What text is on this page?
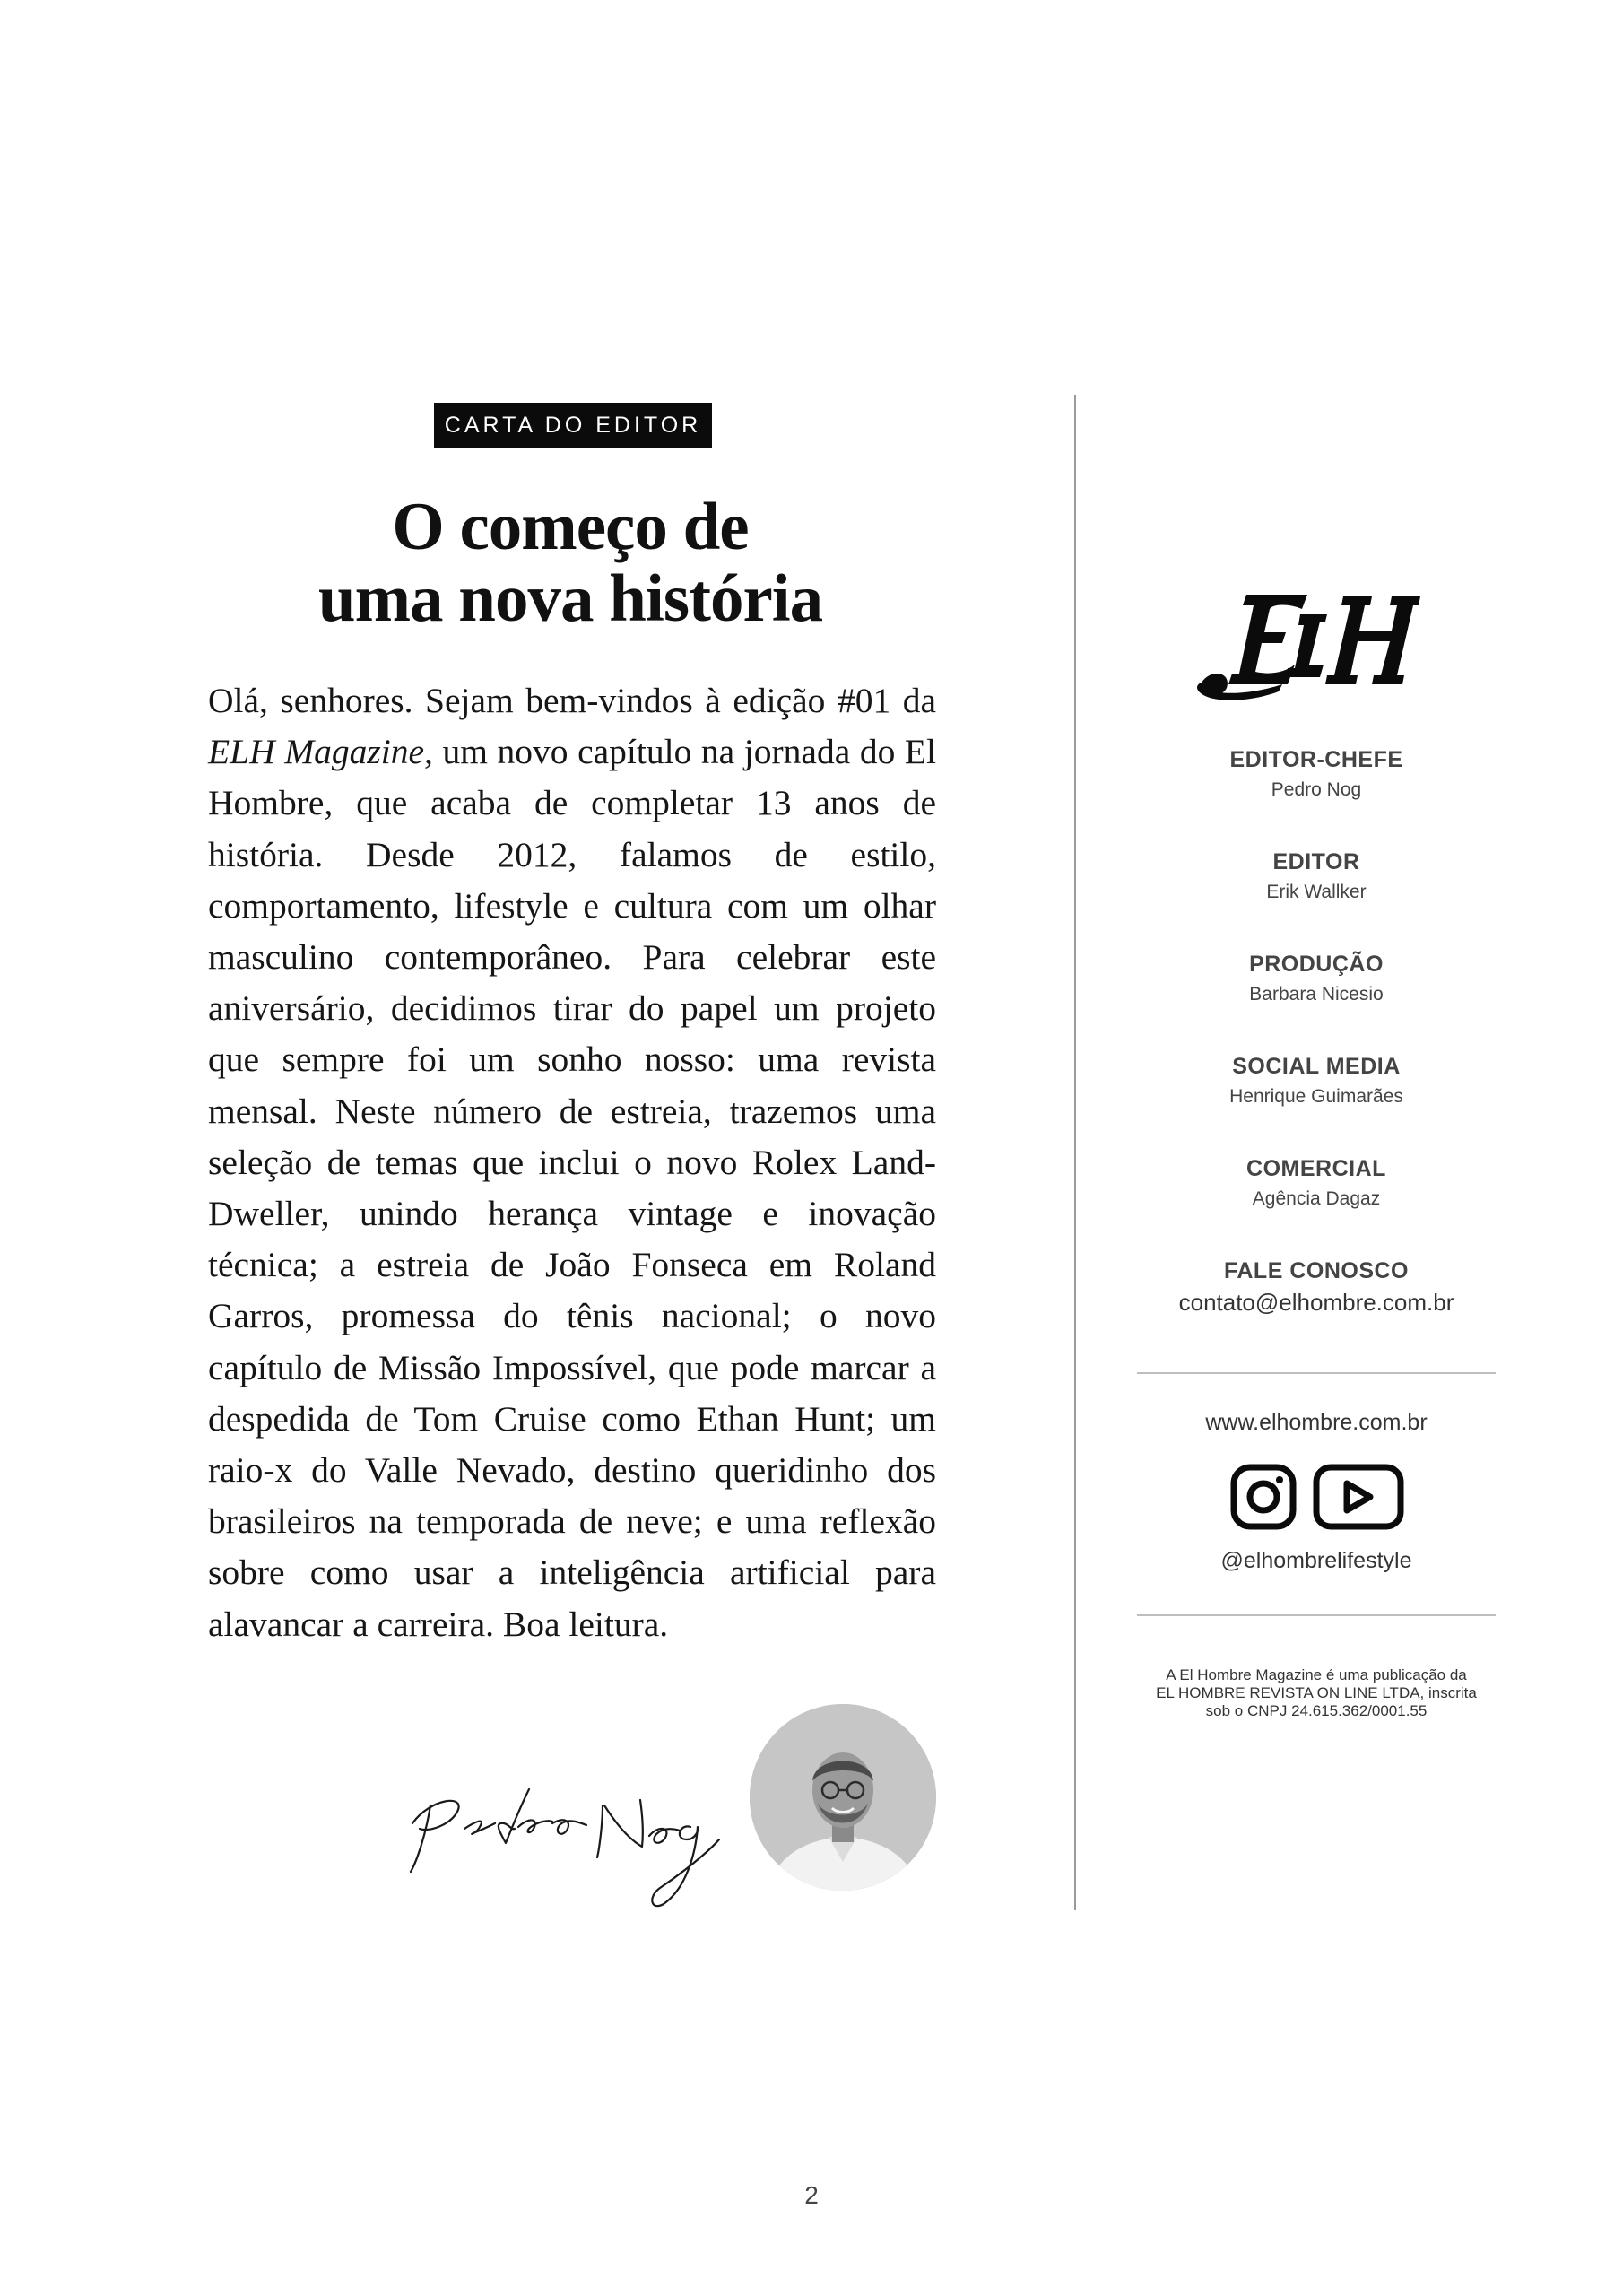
CARTA DO EDITOR
O começo de
uma nova história

Olá, senhores. Sejam bem-vindos à edição #01 da ELH Magazine, um novo capítulo na jornada do El Hombre, que acaba de completar 13 anos de história. Desde 2012, falamos de estilo, comportamento, lifestyle e cultura com um olhar masculino contemporâneo. Para celebrar este aniversário, decidimos tirar do papel um projeto que sempre foi um sonho nosso: uma revista mensal. Neste número de estreia, trazemos uma seleção de temas que inclui o novo Rolex Land-Dweller, unindo herança vintage e inovação técnica; a estreia de João Fonseca em Roland Garros, promessa do tênis nacional; o novo capítulo de Missão Impossível, que pode marcar a despedida de Tom Cruise como Ethan Hunt; um raio-x do Valle Nevado, destino queridinho dos brasileiros na temporada de neve; e uma reflexão sobre como usar a inteligência artificial para alavancar a carreira. Boa leitura.

EDITOR-CHEFE
Pedro Nog
EDITOR
Erik Wallker
PRODUÇÃO
Barbara Nicesio
SOCIAL MEDIA
Henrique Guimarães
COMERCIAL
Agência Dagaz
FALE CONOSCO
contato@elhombre.com.br
www.elhombre.com.br
@elhombrelifestyle
A El Hombre Magazine é uma publicação da
EL HOMBRE REVISTA ON LINE LTDA, inscrita
sob o CNPJ 24.615.362/0001.55
2
